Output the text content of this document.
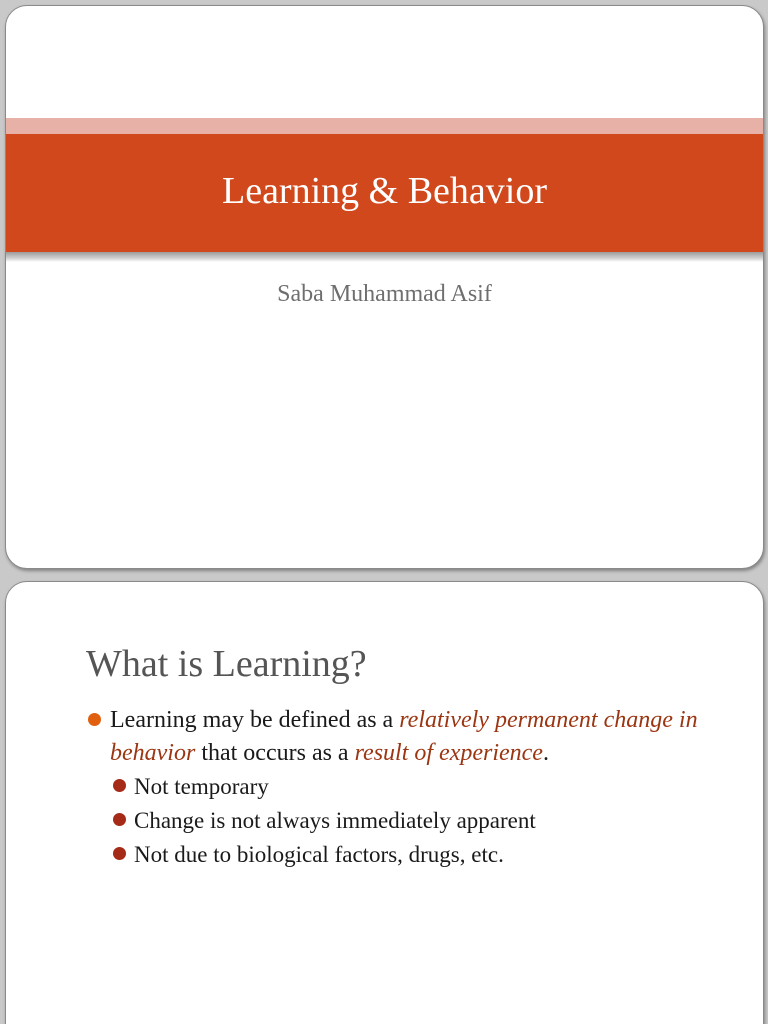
Learning & Behavior
Saba Muhammad Asif
What is Learning?
Learning may be defined as a relatively permanent change in behavior that occurs as a result of experience.
Not temporary
Change is not always immediately apparent
Not due to biological factors, drugs, etc.
